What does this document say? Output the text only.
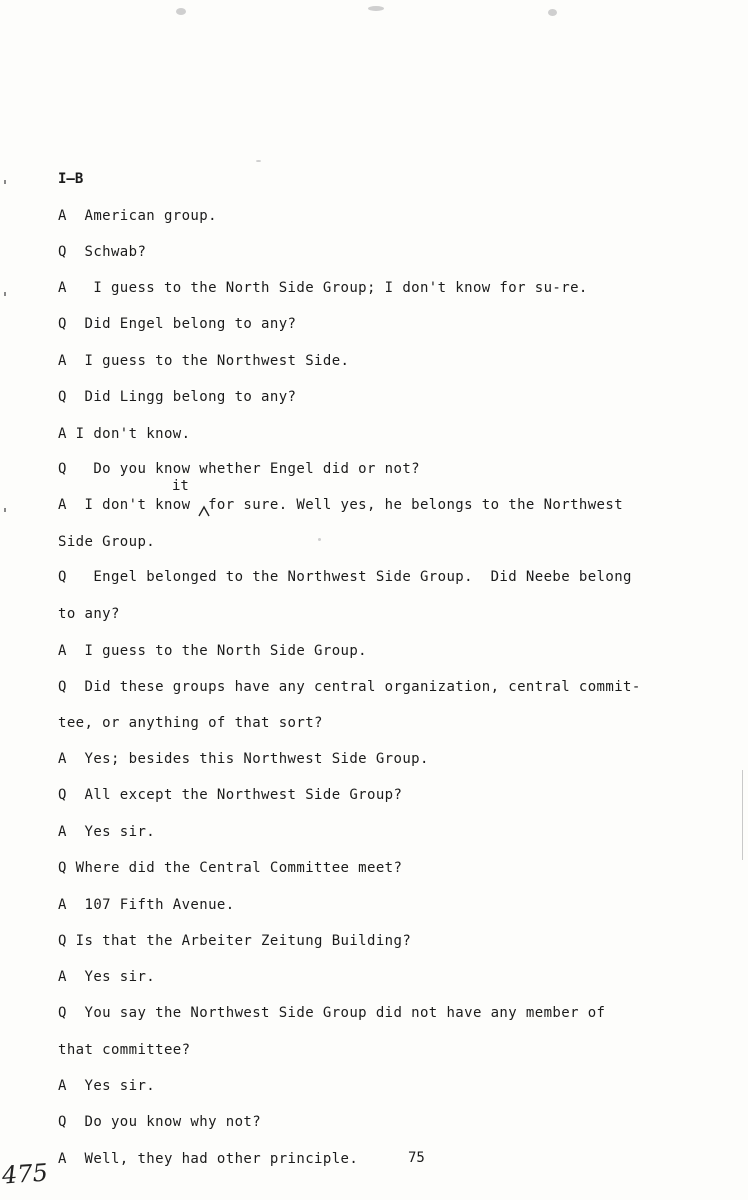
I—B
A  American group.
Q  Schwab?
A   I guess to the North Side Group; I don't know for su-re.
Q  Did Engel belong to any?
A  I guess to the Northwest Side.
Q  Did Lingg belong to any?
A I don't know.
Q   Do you know whether Engel did or not?
it
A  I don't know  for sure. Well yes, he belongs to the Northwest
Side Group.
Q   Engel belonged to the Northwest Side Group.  Did Neebe belong
to any?
A  I guess to the North Side Group.
Q  Did these groups have any central organization, central commit-
tee, or anything of that sort?
A  Yes; besides this Northwest Side Group.
Q  All except the Northwest Side Group?
A  Yes sir.
Q Where did the Central Committee meet?
A  107 Fifth Avenue.
Q Is that the Arbeiter Zeitung Building?
A  Yes sir.
Q  You say the Northwest Side Group did not have any member of
that committee?
A  Yes sir.
Q  Do you know why not?
A  Well, they had other principle.	75
475
